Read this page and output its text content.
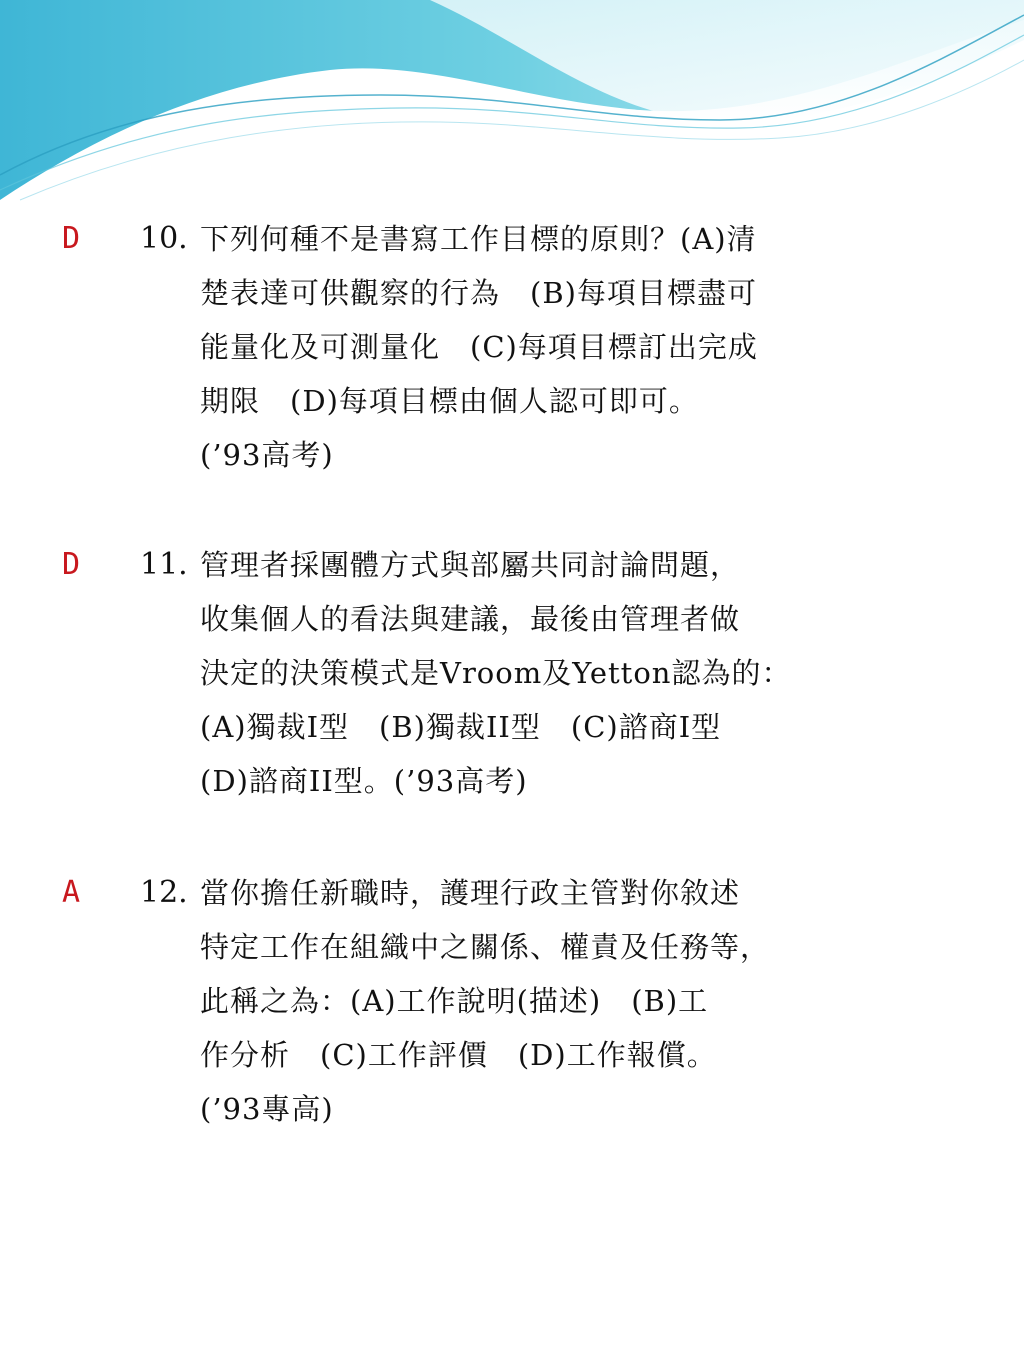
D 10. 下列何種不是書寫工作目標的原則？(A)清
楚表達可供觀察的行為　(B)每項目標盡可
能量化及可測量化　(C)每項目標訂出完成
期限　(D)每項目標由個人認可即可。
(’93高考)
D 11. 管理者採團體方式與部屬共同討論問題，
收集個人的看法與建議，最後由管理者做
決定的決策模式是Vroom及Yetton認為的：
(A)獨裁I型　(B)獨裁II型　(C)諮商I型
(D)諮商II型。(’93高考)
A 12. 當你擔任新職時，護理行政主管對你敘述
特定工作在組織中之關係、權責及任務等，
此稱之為：(A)工作說明(描述)　(B)工
作分析　(C)工作評價　(D)工作報償。
(’93專高)
